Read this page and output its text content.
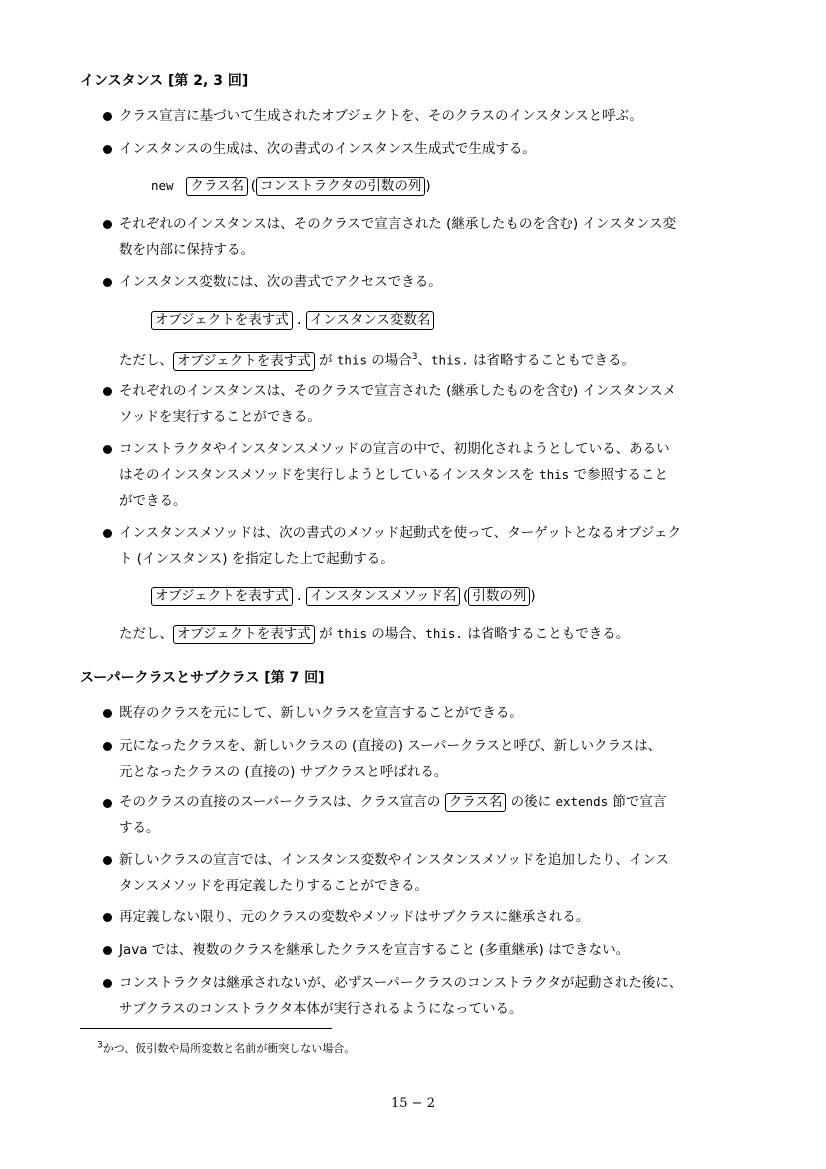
インスタンス [第 2, 3 回]
クラス宣言に基づいて生成されたオブジェクトを、そのクラスのインスタンスと呼ぶ。
インスタンスの生成は、次の書式のインスタンス生成式で生成する。
new クラス名 ( コンストラクタの引数の列 )
それぞれのインスタンスは、そのクラスで宣言された (継承したものを含む) インスタンス変
数を内部に保持する。
インスタンス変数には、次の書式でアクセスできる。
オブジェクトを表す式  .  インスタンス変数名
ただし、 オブジェクトを表す式 が this の場合$^3$、this. は省略することもできる。
それぞれのインスタンスは、そのクラスで宣言された (継承したものを含む) インスタンスメ
ソッドを実行することができる。
コンストラクタやインスタンスメソッドの宣言の中で、初期化されようとしている、あるい
はそのインスタンスメソッドを実行しようとしているインスタンスを this で参照すること
ができる。
インスタンスメソッドは、次の書式のメソッド起動式を使って、ターゲットとなるオブジェク
ト (インスタンス) を指定した上で起動する。
オブジェクトを表す式  .  インスタンスメソッド名 ( 引数の列 )
ただし、 オブジェクトを表す式 が this の場合、this. は省略することもできる。
スーパークラスとサブクラス [第 7 回]
既存のクラスを元にして、新しいクラスを宣言することができる。
元になったクラスを、新しいクラスの (直接の) スーパークラスと呼び、新しいクラスは、
元となったクラスの (直接の) サブクラスと呼ばれる。
そのクラスの直接のスーパークラスは、クラス宣言の クラス名 の後に extends 節で宣言
する。
新しいクラスの宣言では、インスタンス変数やインスタンスメソッドを追加したり、インス
タンスメソッドを再定義したりすることができる。
再定義しない限り、元のクラスの変数やメソッドはサブクラスに継承される。
Java では、複数のクラスを継承したクラスを宣言すること (多重継承) はできない。
コンストラクタは継承されないが、必ずスーパークラスのコンストラクタが起動された後に、
サブクラスのコンストラクタ本体が実行されるようになっている。
$^3$かつ、仮引数や局所変数と名前が衝突しない場合。
15 − 2
